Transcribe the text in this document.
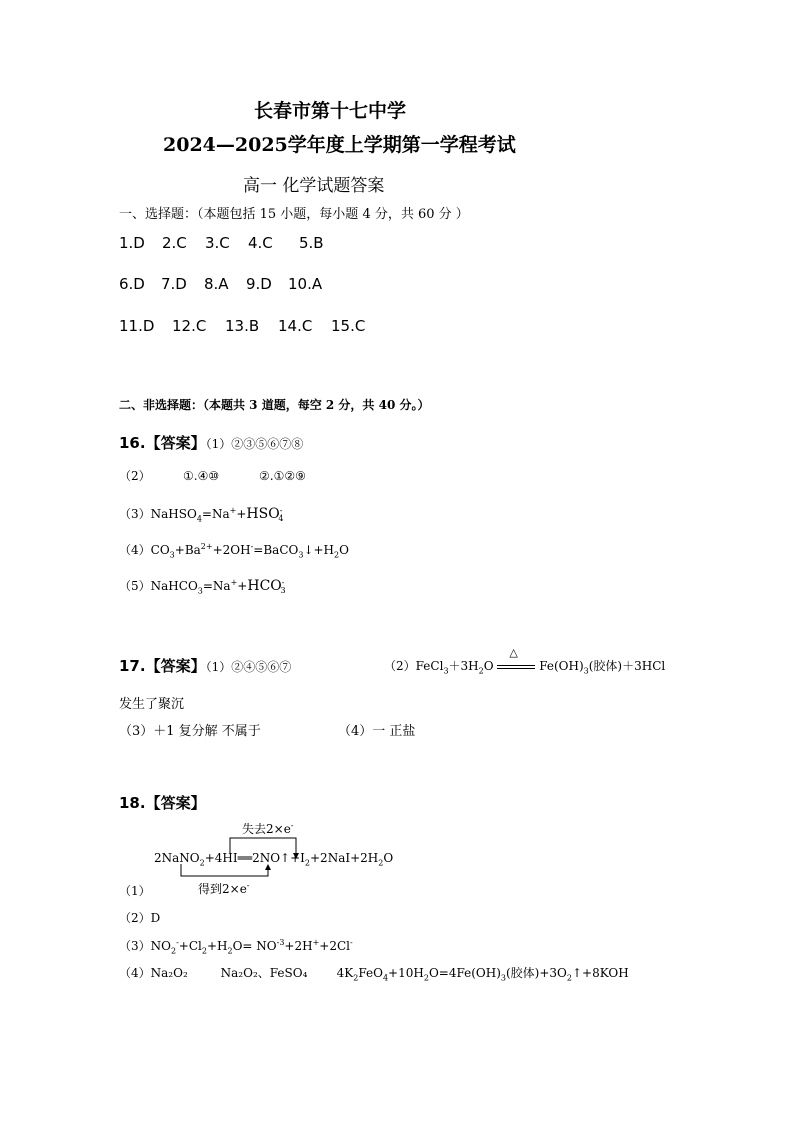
长春市第十七中学
2024—2025学年度上学期第一学程考试
高一 化学试题答案
一、选择题：（本题包括 15 小题，每小题 4 分，共 60 分 ）
1.D 2.C 3.C 4.C 5.B
6.D 7.D 8.A 9.D 10.A
11.D 12.C 13.B 14.C 15.C
二、非选择题：（本题共 3 道题，每空 2 分，共 40 分。）
16.【答案】（1）②③⑤⑥⑦⑧
（2）	①.④⑩	②.①②⑨
$(3)NaHSO_4=Na^++HSO^-_4$
$(4)CO_3+Ba^{2+}+2OH^-=BaCO_3↓+H_2O$
$(5)NaHCO_3=Na^++HCO^-_3$
17.【答案】（1）②④⑤⑥⑦	$(2)FeCl_3+3H_2O$
△
$Fe(OH)_3$(胶体)＋3HCl
发生了聚沉
（3）＋1 复分解 不属于	（4）一 正盐
18.【答案】
失去2×e-
$2NaNO_2+4HI══2NO↑+I_2+2NaI+2H_2O$
得到2×e-
（1）
（2）D
$(3)NO_2^-+Cl_2+H_2O= NO^{-3}+2H^++2Cl^-$
（4）Na₂O₂	Na₂O₂、FeSO₄ $4K_2FeO_4+10H_2O=4Fe(OH)_3$(胶体)$+3O_2↑+8KOH$
